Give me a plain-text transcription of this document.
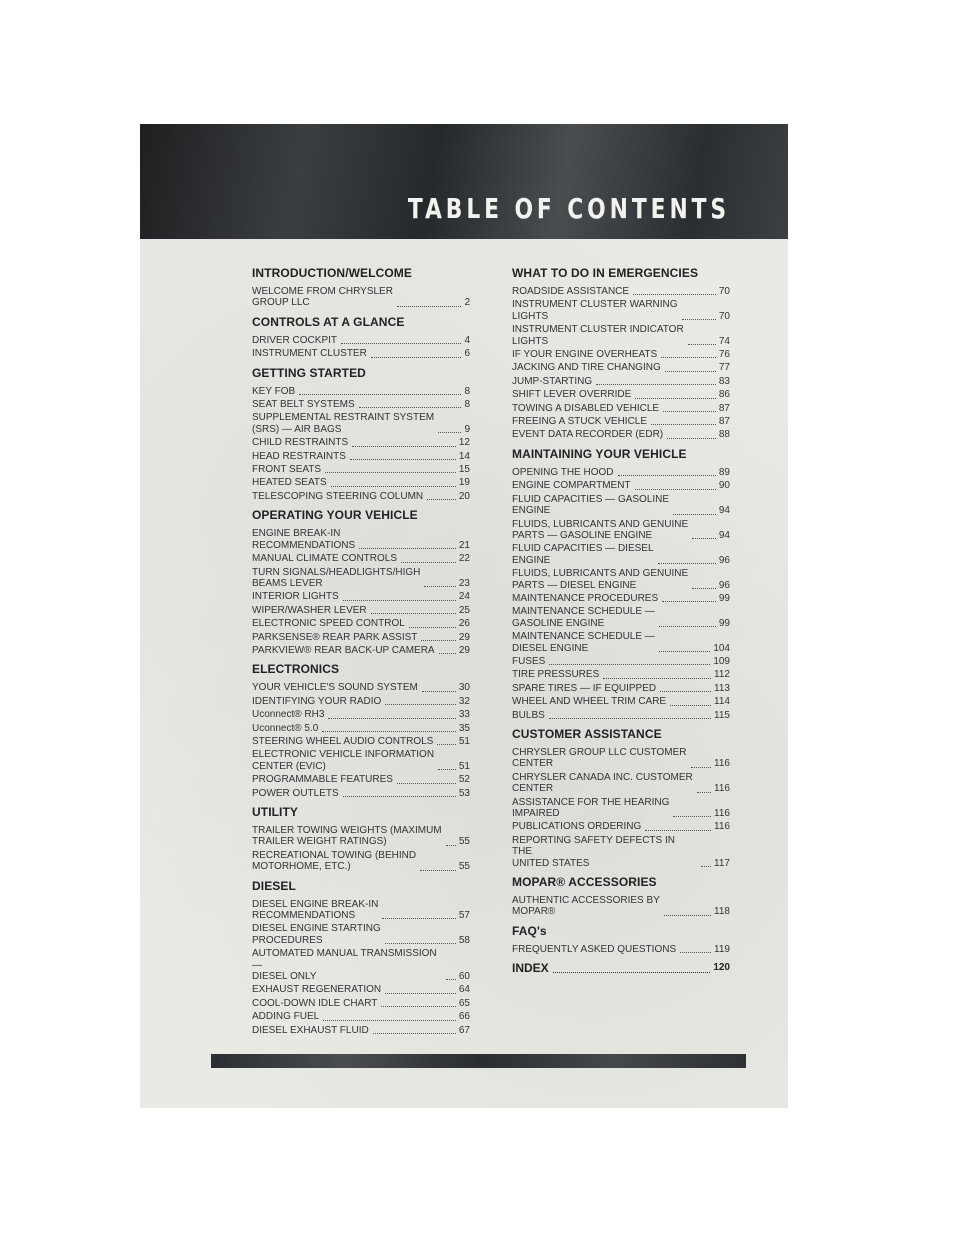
TABLE OF CONTENTS
INTRODUCTION/WELCOME
WELCOME FROM CHRYSLER
GROUP LLC	2
CONTROLS AT A GLANCE
DRIVER COCKPIT	4
INSTRUMENT CLUSTER	6
GETTING STARTED
KEY FOB	8
SEAT BELT SYSTEMS	8
SUPPLEMENTAL RESTRAINT SYSTEM
(SRS) — AIR BAGS	9
CHILD RESTRAINTS	12
HEAD RESTRAINTS	14
FRONT SEATS	15
HEATED SEATS	19
TELESCOPING STEERING COLUMN	20
OPERATING YOUR VEHICLE
ENGINE BREAK-IN
RECOMMENDATIONS	21
MANUAL CLIMATE CONTROLS	22
TURN SIGNALS/HEADLIGHTS/HIGH
BEAMS LEVER	23
INTERIOR LIGHTS	24
WIPER/WASHER LEVER	25
ELECTRONIC SPEED CONTROL	26
PARKSENSE® REAR PARK ASSIST	29
PARKVIEW® REAR BACK-UP CAMERA 29
ELECTRONICS
YOUR VEHICLE'S SOUND SYSTEM	30
IDENTIFYING YOUR RADIO	32
Uconnect® RH3	33
Uconnect® 5.0	35
STEERING WHEEL AUDIO CONTROLS	51
ELECTRONIC VEHICLE INFORMATION
CENTER (EVIC)	51
PROGRAMMABLE FEATURES	52
POWER OUTLETS	53
UTILITY
TRAILER TOWING WEIGHTS (MAXIMUM
TRAILER WEIGHT RATINGS)	55
RECREATIONAL TOWING (BEHIND
MOTORHOME, ETC.)	55
DIESEL
DIESEL ENGINE BREAK-IN
RECOMMENDATIONS	57
DIESEL ENGINE STARTING
PROCEDURES	58
AUTOMATED MANUAL TRANSMISSION —
DIESEL ONLY	60
EXHAUST REGENERATION	64
COOL-DOWN IDLE CHART	65
ADDING FUEL	66
DIESEL EXHAUST FLUID	67
WHAT TO DO IN EMERGENCIES
ROADSIDE ASSISTANCE	70
INSTRUMENT CLUSTER WARNING
LIGHTS	70
INSTRUMENT CLUSTER INDICATOR
LIGHTS	74
IF YOUR ENGINE OVERHEATS	76
JACKING AND TIRE CHANGING	77
JUMP-STARTING	83
SHIFT LEVER OVERRIDE	86
TOWING A DISABLED VEHICLE	87
FREEING A STUCK VEHICLE	87
EVENT DATA RECORDER (EDR)	88
MAINTAINING YOUR VEHICLE
OPENING THE HOOD	89
ENGINE COMPARTMENT	90
FLUID CAPACITIES — GASOLINE
ENGINE	94
FLUIDS, LUBRICANTS AND GENUINE
PARTS — GASOLINE ENGINE	94
FLUID CAPACITIES — DIESEL
ENGINE	96
FLUIDS, LUBRICANTS AND GENUINE
PARTS — DIESEL ENGINE	96
MAINTENANCE PROCEDURES	99
MAINTENANCE SCHEDULE —
GASOLINE ENGINE	99
MAINTENANCE SCHEDULE —
DIESEL ENGINE	104
FUSES	109
TIRE PRESSURES	112
SPARE TIRES — IF EQUIPPED	113
WHEEL AND WHEEL TRIM CARE	114
BULBS	115
CUSTOMER ASSISTANCE
CHRYSLER GROUP LLC CUSTOMER
CENTER	116
CHRYSLER CANADA INC. CUSTOMER
CENTER	116
ASSISTANCE FOR THE HEARING
IMPAIRED	116
PUBLICATIONS ORDERING	116
REPORTING SAFETY DEFECTS IN THE
UNITED STATES	117
MOPAR® ACCESSORIES
AUTHENTIC ACCESSORIES BY
MOPAR®	118
FAQ's
FREQUENTLY ASKED QUESTIONS	119
INDEX	120
